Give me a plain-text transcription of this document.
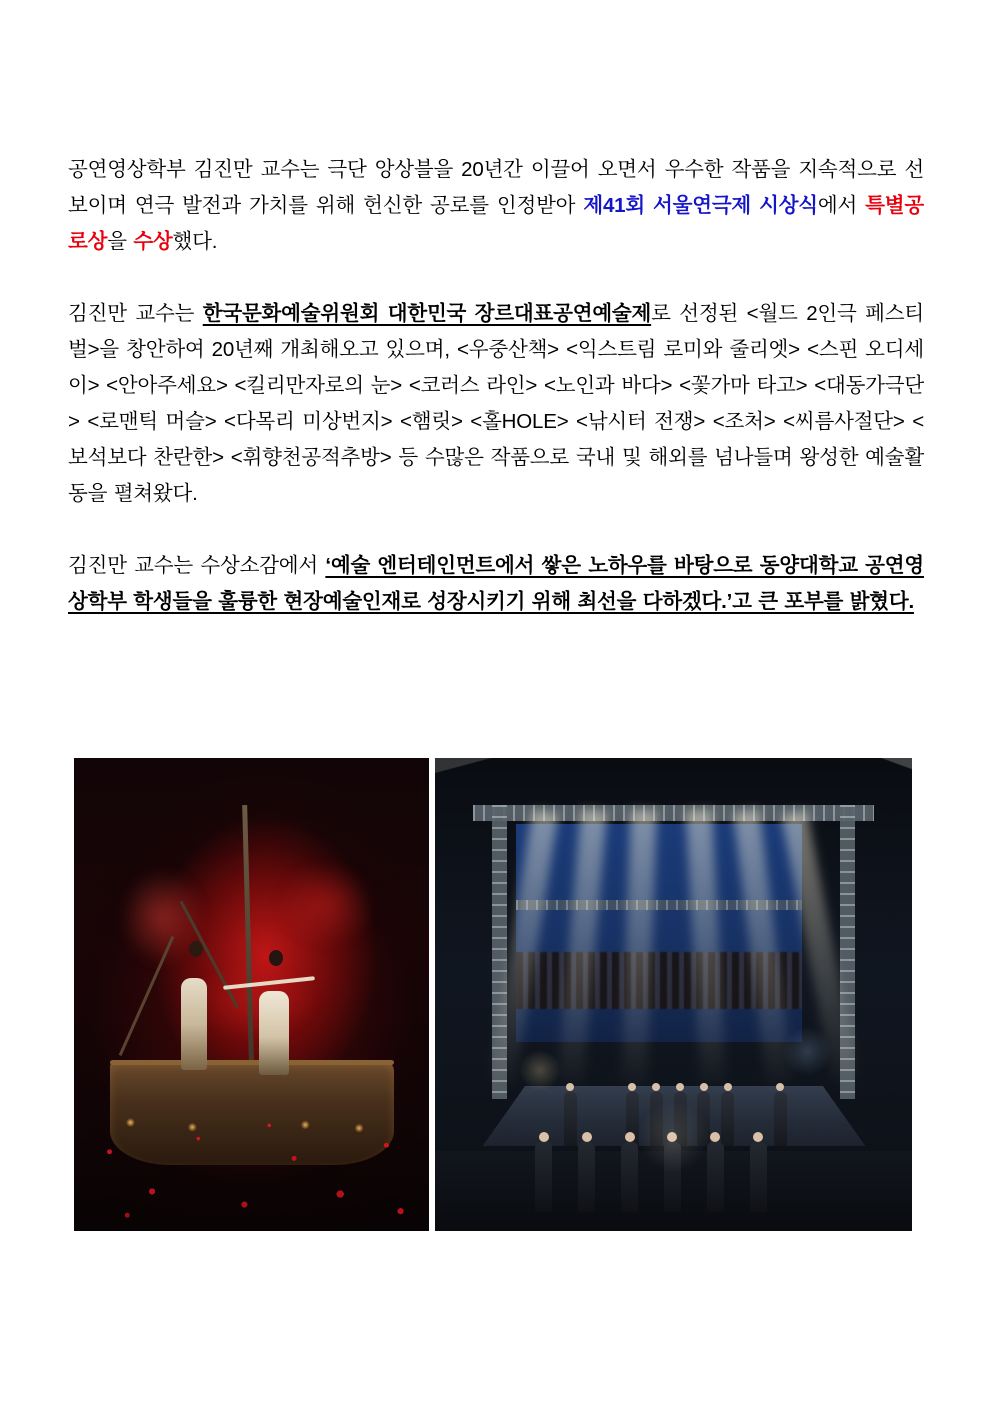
공연영상학부 김진만 교수는 극단 앙상블을 20년간 이끌어 오면서 우수한 작품을 지속적으로 선보이며 연극 발전과 가치를 위해 헌신한 공로를 인정받아 제41회 서울연극제 시상식에서 특별공로상을 수상했다.

김진만 교수는 한국문화예술위원회 대한민국 장르대표공연예술제로 선정된 <월드 2인극 페스티벌>을 창안하여 20년째 개최해오고 있으며, <우중산책> <익스트림 로미와 줄리엣> <스핀 오디세이> <안아주세요> <킬리만자로의 눈> <코러스 라인> <노인과 바다> <꽃가마 타고> <대동가극단> <로맨틱 머슬> <다목리 미상번지> <햄릿> <홀HOLE> <낚시터 전쟁> <조처> <씨름사절단> <보석보다 찬란한> <휘향천공적추방> 등 수많은 작품으로 국내 및 해외를 넘나들며 왕성한 예술활동을 펼쳐왔다.

김진만 교수는 수상소감에서 ‘예술 엔터테인먼트에서 쌓은 노하우를 바탕으로 동양대학교 공연영상학부 학생들을 훌륭한 현장예술인재로 성장시키기 위해 최선을 다하겠다.’고 큰 포부를 밝혔다.
